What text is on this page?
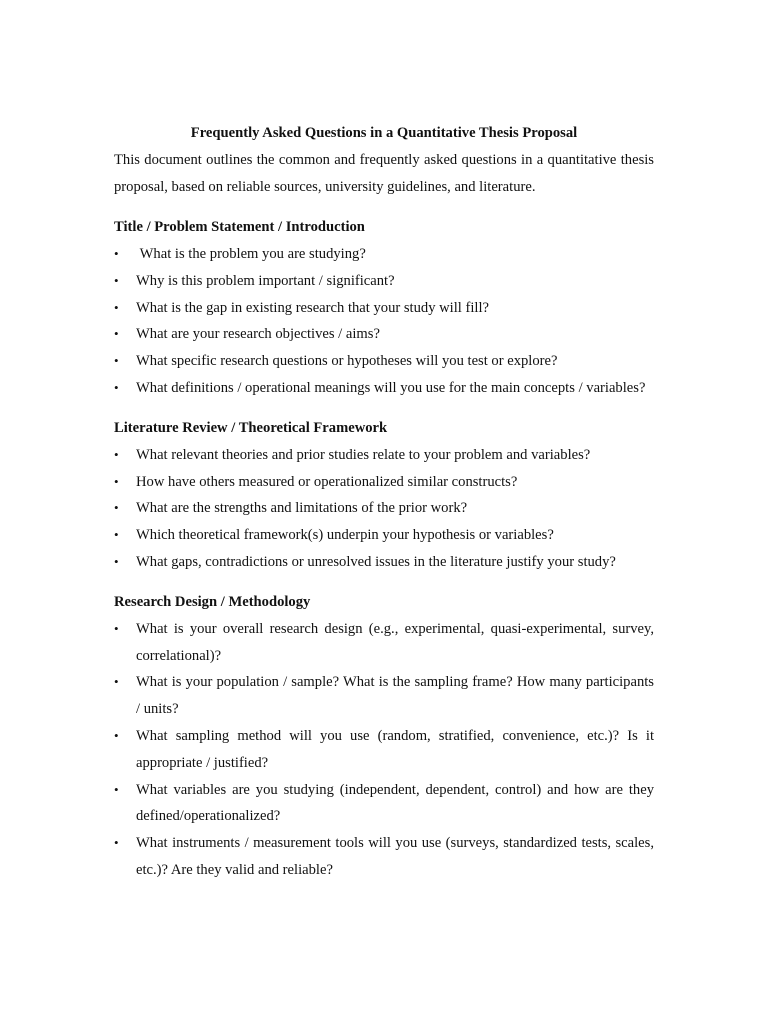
Frequently Asked Questions in a Quantitative Thesis Proposal

This document outlines the common and frequently asked questions in a quantitative thesis proposal, based on reliable sources, university guidelines, and literature.

Title / Problem Statement / Introduction

• What is the problem you are studying?
• Why is this problem important / significant?
• What is the gap in existing research that your study will fill?
• What are your research objectives / aims?
• What specific research questions or hypotheses will you test or explore?
• What definitions / operational meanings will you use for the main concepts / variables?

Literature Review / Theoretical Framework

• What relevant theories and prior studies relate to your problem and variables?
• How have others measured or operationalized similar constructs?
• What are the strengths and limitations of the prior work?
• Which theoretical framework(s) underpin your hypothesis or variables?
• What gaps, contradictions or unresolved issues in the literature justify your study?

Research Design / Methodology

• What is your overall research design (e.g., experimental, quasi-experimental, survey, correlational)?
• What is your population / sample? What is the sampling frame? How many participants / units?
• What sampling method will you use (random, stratified, convenience, etc.)? Is it appropriate / justified?
• What variables are you studying (independent, dependent, control) and how are they defined/operationalized?
• What instruments / measurement tools will you use (surveys, standardized tests, scales, etc.)? Are they valid and reliable?
